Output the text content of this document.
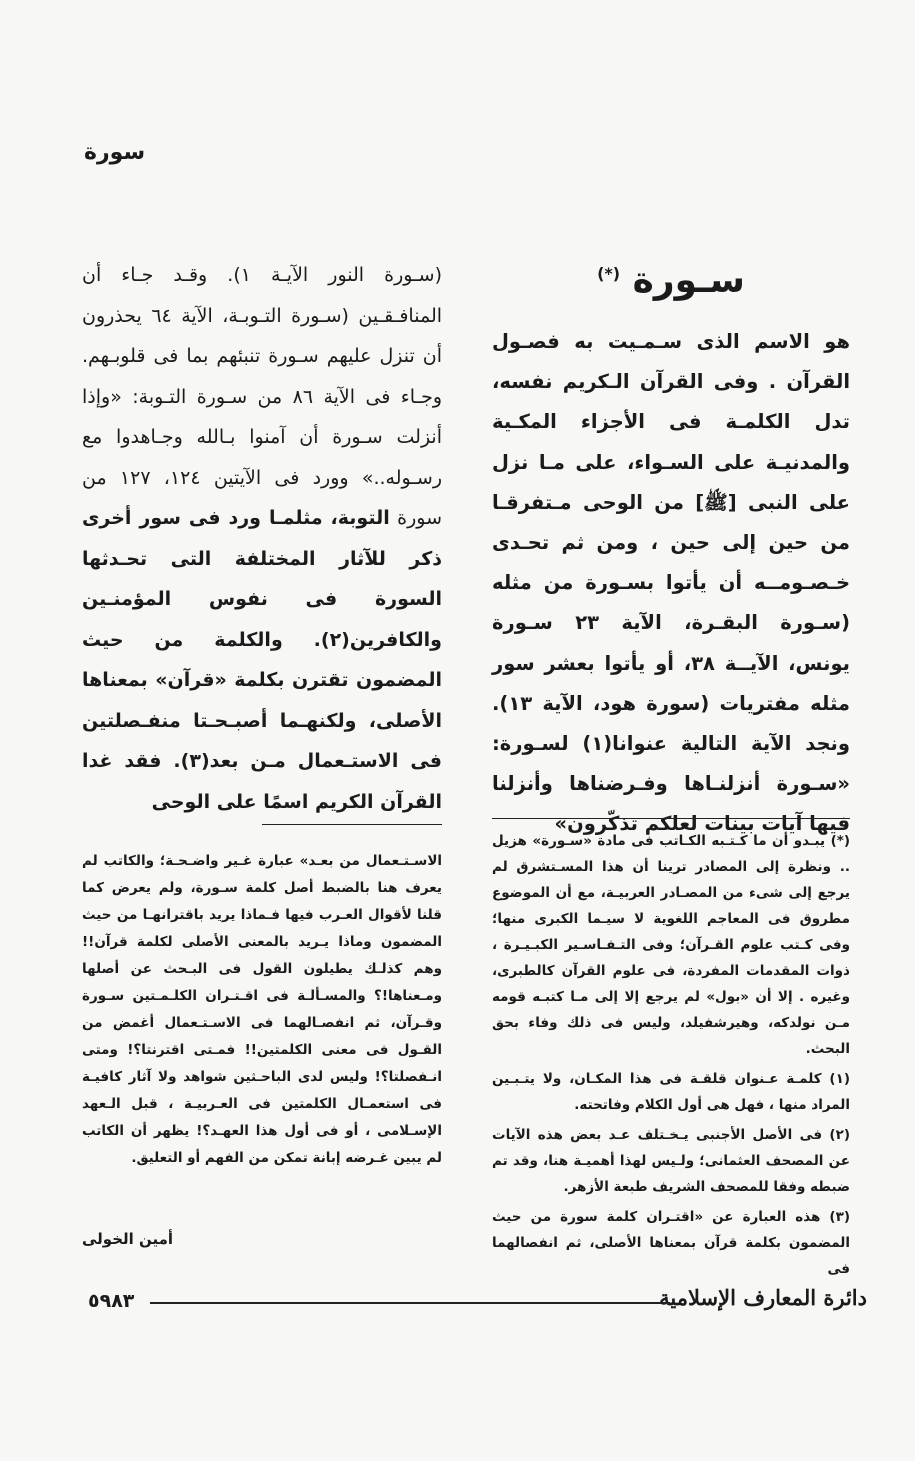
سورة
سـورة (*)
هو الاسم الذى سـمـيت به فصـول القرآن . وفى القرآن الـكريم نفسه، تدل الكلمـة فى الأجزاء المكـية والمدنيـة على السـواء، على مـا نزل على النبى [ﷺ] من الوحى مـتفرقـا من حين إلى حين ، ومن ثم تحـدى خـصـومــه أن يأتوا بسـورة من مثله (سـورة البقـرة، الآية ٢٣ سـورة يونس، الآيــة ٣٨، أو يأتوا بعشر سور مثله مفتريات (سورة هود، الآية ١٣). ونجد الآية التالية عنوانا(١) لسـورة: «سـورة أنزلنـاها وفـرضناها وأنزلنا فيها آيات بينات لعلكم تذكّرون»
(سـورة النور الآيـة ١). وقـد جـاء أن المنافـقـين (سـورة التـوبـة، الآية ٦٤ يحذرون أن تنزل عليهم سـورة تنبئهم بما فى قلوبـهم. وجـاء فى الآية ٨٦ من سـورة التـوبة: «وإذا أنزلت سـورة أن آمنوا بـالله وجـاهدوا مع رسـوله..» وورد فى الآيتين ١٢٤، ١٢٧ من سورة التوبة، مثلمـا ورد فى سور أخرى ذكر للآثار المختلفة التى تحـدثها السورة فى نفوس المؤمنـين والكافرين(٢). والكلمة من حيث المضمون تقترن بكلمة «قرآن» بمعناها الأصلى، ولكنهـما أصبـحـتا منفـصلتين فى الاستـعمال مـن بعد(٣). فقد غدا القرآن الكريم اسمًا على الوحى

(*) يبـدو أن ما كـتـبه الكـاتب فى مادة «سـورة» هزيل .. ونظرة إلى المصادر ترينا أن هذا المسـتشرق لم يرجع إلى شىء من المصـادر العربيـة، مع أن الموضوع مطروق فى المعاجم اللغوية لا سيـما الكبرى منها؛ وفى كـتب علوم القـرآن؛ وفى التـفـاسـير الكبـيـرة ، ذوات المقدمات المفردة، فى علوم القرآن كالطبرى، وغيره . إلا أن «بول» لم يرجع إلا إلى مـا كتبـه قومه مـن نولدكه، وهيرشفيلد، وليس فى ذلك وفاء بحق البحث.

(١) كلمـة عـنوان قلقـة فى هذا المكـان، ولا يتـبـين المراد منها ، فهل هى أول الكلام وفاتحته.

(٢) فى الأصل الأجنبى يـخـتلف عـد بعض هذه الآيات عن المصحف العثمانى؛ ولـيس لهذا أهميـة هنا، وقد تم ضبطه وفقا للمصحف الشريف طبعة الأزهر.

(٣) هذه العبارة عن «اقتـران كلمة سورة من حيث المضمون بكلمة قرآن بمعناها الأصلى، ثم انفصالهما فى

الاسـتـعمال من بعـد» عبارة غـير واضـحـة؛ والكاتب لم يعرف هنا بالضبط أصل كلمة سـورة، ولم يعرض كما قلنا لأقوال العـرب فيها فـماذا يريد باقترانهـا من حيث المضمون وماذا يـريد بالمعنى الأصلى لكلمة قرآن!! وهم كذلـك يطيلون القول فى البـحث عن أصلها ومـعناها!؟ والمسـألـة فى اقـتـران الكلـمـتين سـورة وقـرآن، ثم انفصـالهما فى الاسـتـعمال أغمض من القـول فى معنى الكلمتين!! فمـتى اقترنتا؟! ومتى انـفصلتا؟! وليس لدى الباحـثين شواهد ولا آثار كافيـة فى استعمـال الكلمتين فى العـربيـة ، قبل الـعهد الإسـلامى ، أو فى أول هذا العهـد؟! يظهر أن الكاتب لم يبين غـرضه إبانة تمكن من الفهم أو التعليق.
أمين الخولى
دائرة المعارف الإسلامية
٥٩٨٣
